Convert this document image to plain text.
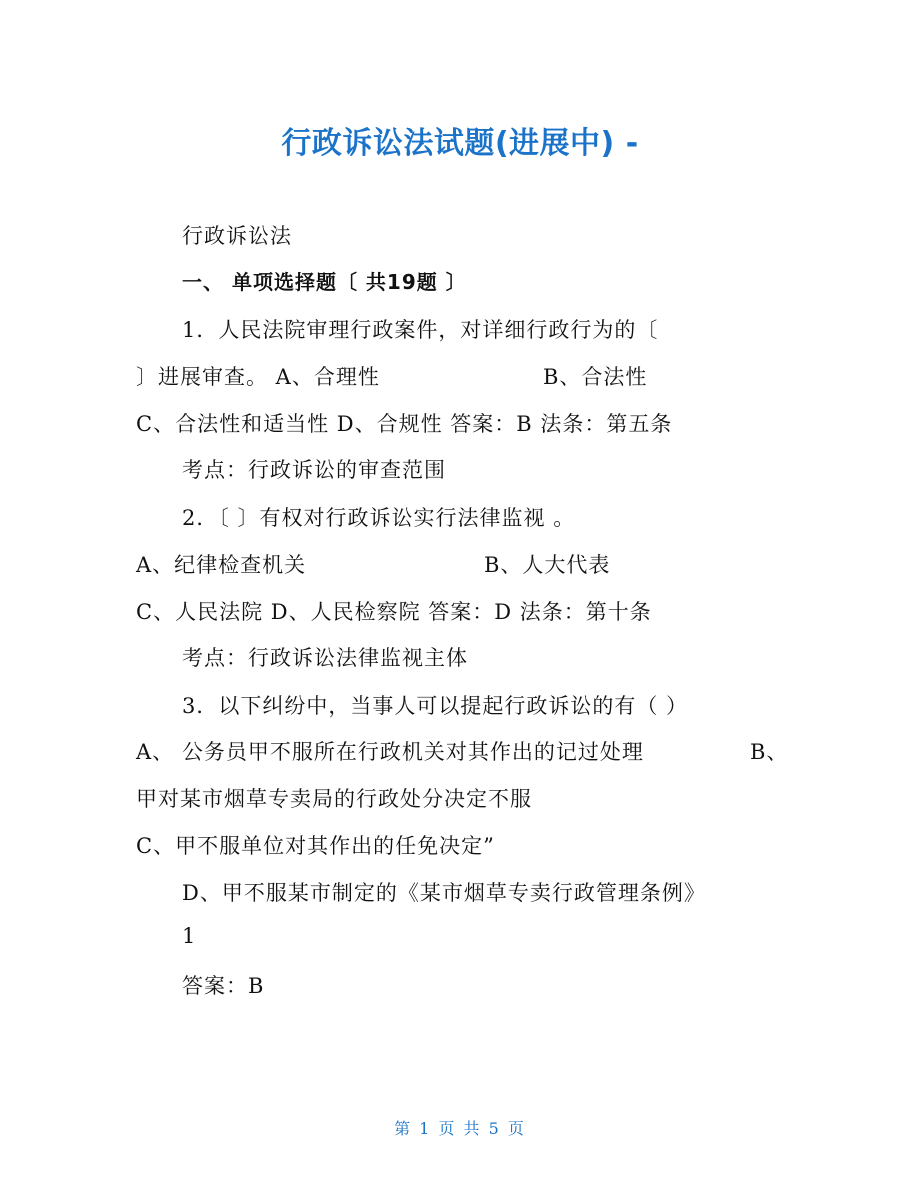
行政诉讼法试题(进展中) -
行政诉讼法
一、 单项选择题〔 共19题 〕
1．人民法院审理行政案件，对详细行政行为的〔
〕进展审查。 A、合理性	B、合法性
C、合法性和适当性 D、合规性 答案：B 法条：第五条
考点：行政诉讼的审查范围
2．〔 〕有权对行政诉讼实行法律监视 。
A、纪律检查机关	B、人大代表
C、人民法院 D、人民检察院 答案：D 法条：第十条
考点：行政诉讼法律监视主体
3．以下纠纷中，当事人可以提起行政诉讼的有（ ）
A、 公务员甲不服所在行政机关对其作出的记过处理	B、
甲对某市烟草专卖局的行政处分决定不服
C、甲不服单位对其作出的任免决定”
D、甲不服某市制定的《某市烟草专卖行政管理条例》
1
答案：B
第 1 页 共 5 页
